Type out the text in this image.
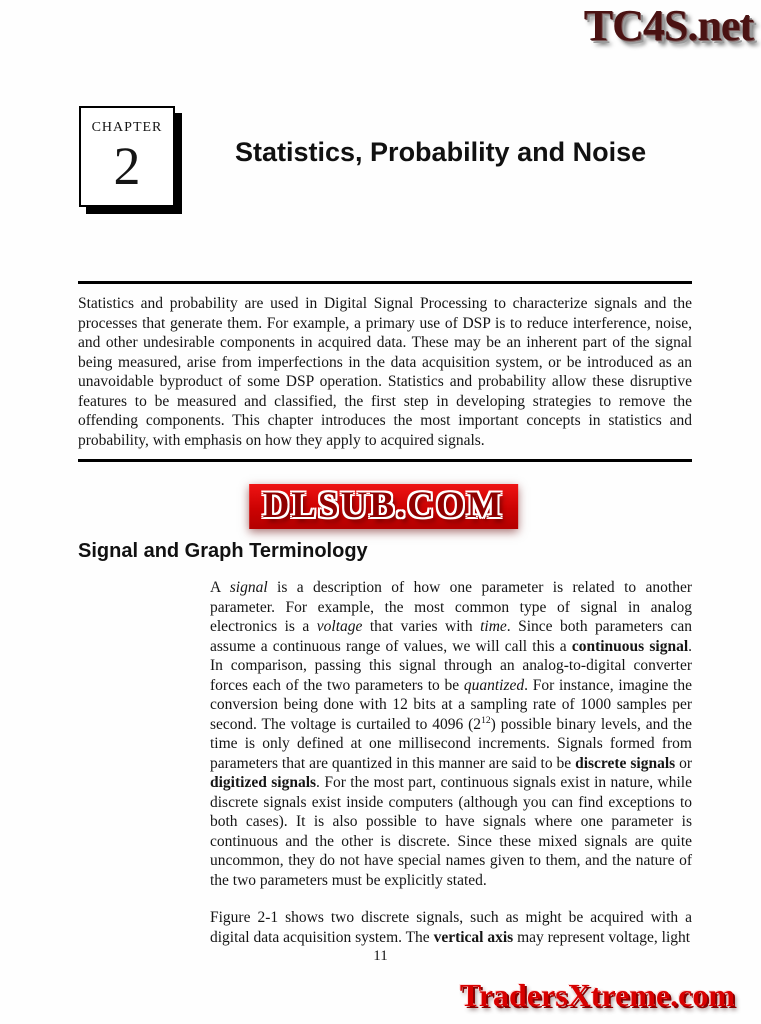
TC4S.net
CHAPTER
2	Statistics, Probability and Noise

Statistics and probability are used in Digital Signal Processing to characterize signals and the processes that generate them. For example, a primary use of DSP is to reduce interference, noise, and other undesirable components in acquired data. These may be an inherent part of the signal being measured, arise from imperfections in the data acquisition system, or be introduced as an unavoidable byproduct of some DSP operation. Statistics and probability allow these disruptive features to be measured and classified, the first step in developing strategies to remove the offending components. This chapter introduces the most important concepts in statistics and probability, with emphasis on how they apply to acquired signals.

DLSUB.COM
Signal and Graph Terminology

A signal is a description of how one parameter is related to another parameter. For example, the most common type of signal in analog electronics is a voltage that varies with time. Since both parameters can assume a continuous range of values, we will call this a continuous signal. In comparison, passing this signal through an analog-to-digital converter forces each of the two parameters to be quantized. For instance, imagine the conversion being done with 12 bits at a sampling rate of 1000 samples per second. The voltage is curtailed to 4096 $(2^{12})$ possible binary levels, and the time is only defined at one millisecond increments. Signals formed from parameters that are quantized in this manner are said to be discrete signals or digitized signals. For the most part, continuous signals exist in nature, while discrete signals exist inside computers (although you can find exceptions to both cases). It is also possible to have signals where one parameter is continuous and the other is discrete. Since these mixed signals are quite uncommon, they do not have special names given to them, and the nature of the two parameters must be explicitly stated.

Figure 2-1 shows two discrete signals, such as might be acquired with a digital data acquisition system. The vertical axis may represent voltage, light

11
TradersXtreme.com
